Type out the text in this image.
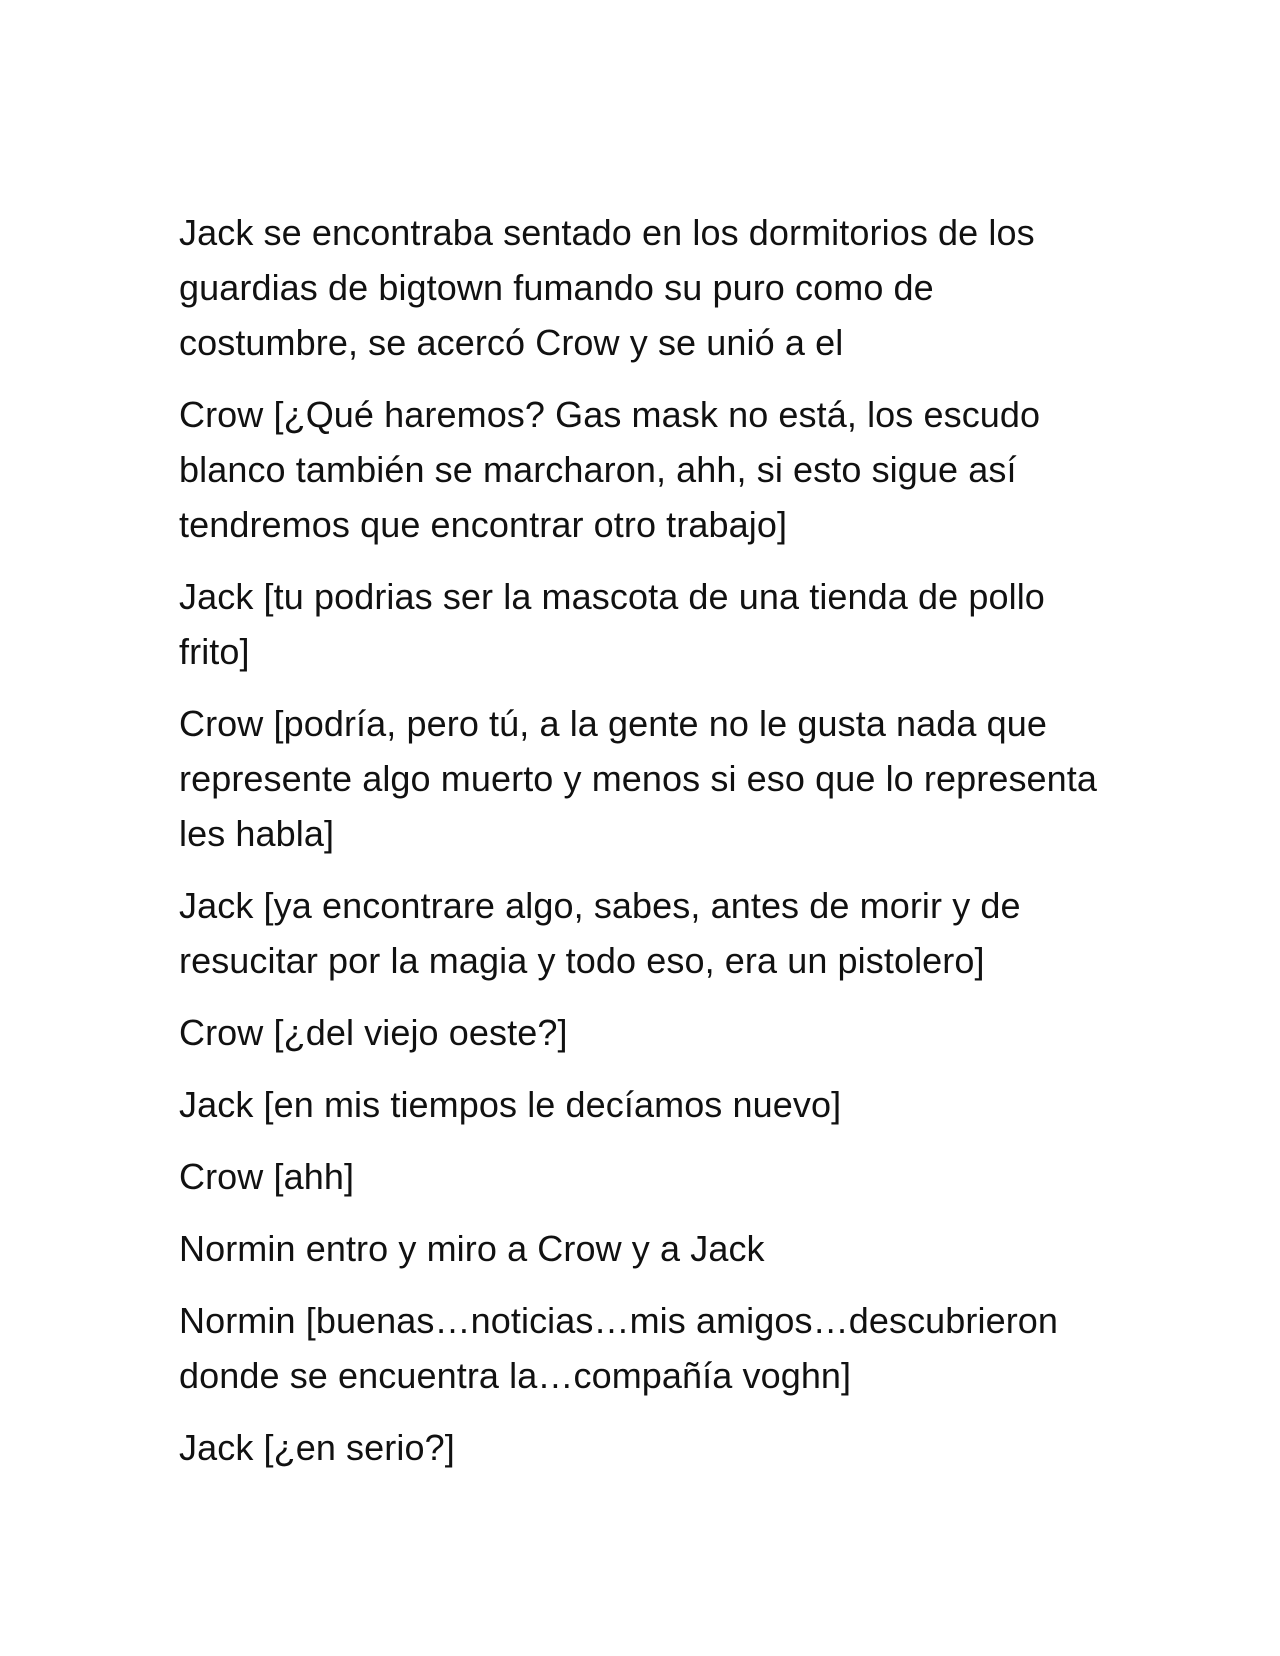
Jack se encontraba sentado en los dormitorios de los guardias de bigtown fumando su puro como de costumbre, se acercó Crow y se unió a el

Crow [¿Qué haremos? Gas mask no está, los escudo blanco también se marcharon, ahh, si esto sigue así tendremos que encontrar otro trabajo]

Jack [tu podrias ser la mascota de una tienda de pollo frito]

Crow [podría, pero tú, a la gente no le gusta nada que represente algo muerto y menos si eso que lo representa les habla]

Jack [ya encontrare algo, sabes, antes de morir y de resucitar por la magia y todo eso, era un pistolero]

Crow [¿del viejo oeste?]

Jack [en mis tiempos le decíamos nuevo]

Crow [ahh]

Normin entro y miro a Crow y a Jack

Normin [buenas…noticias…mis amigos…descubrieron donde se encuentra la…compañía voghn]

Jack [¿en serio?]
